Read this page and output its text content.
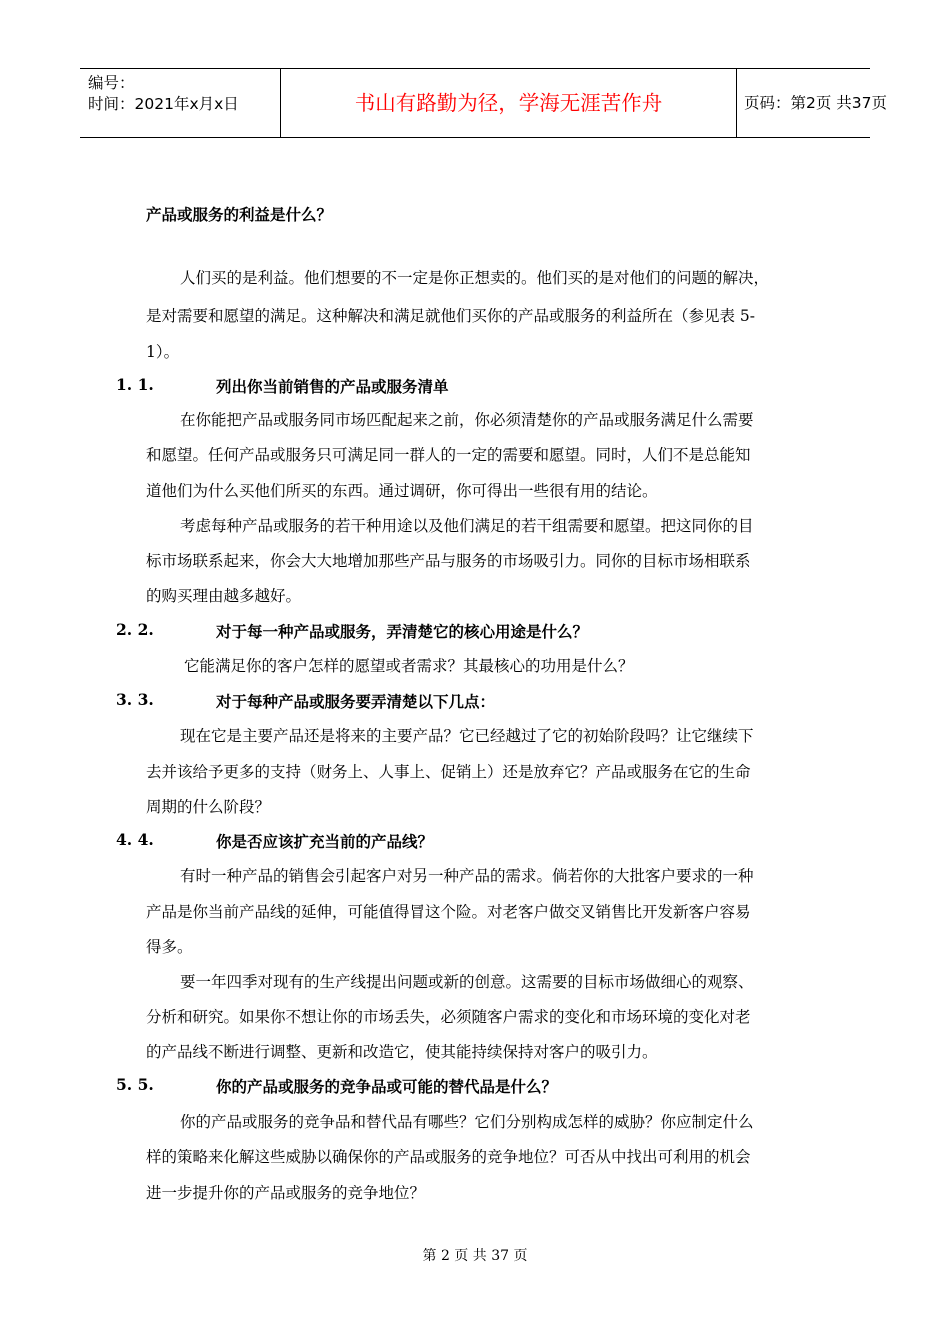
编号：
时间：2021年x月x日	书山有路勤为径，学海无涯苦作舟	页码：第2页 共37页
产品或服务的利益是什么？
人们买的是利益。他们想要的不一定是你正想卖的。他们买的是对他们的问题的解决，
是对需要和愿望的满足。这种解决和满足就他们买你的产品或服务的利益所在（参见表 5-
1）。
1. 1.	列出你当前销售的产品或服务清单
在你能把产品或服务同市场匹配起来之前，你必须清楚你的产品或服务满足什么需要
和愿望。任何产品或服务只可满足同一群人的一定的需要和愿望。同时，人们不是总能知
道他们为什么买他们所买的东西。通过调研，你可得出一些很有用的结论。
考虑每种产品或服务的若干种用途以及他们满足的若干组需要和愿望。把这同你的目
标市场联系起来，你会大大地增加那些产品与服务的市场吸引力。同你的目标市场相联系
的购买理由越多越好。
2. 2.	对于每一种产品或服务，弄清楚它的核心用途是什么？
它能满足你的客户怎样的愿望或者需求？其最核心的功用是什么？
3. 3.	对于每种产品或服务要弄清楚以下几点：
现在它是主要产品还是将来的主要产品？它已经越过了它的初始阶段吗？让它继续下
去并该给予更多的支持（财务上、人事上、促销上）还是放弃它？产品或服务在它的生命
周期的什么阶段？
4. 4.	你是否应该扩充当前的产品线？
有时一种产品的销售会引起客户对另一种产品的需求。倘若你的大批客户要求的一种
产品是你当前产品线的延伸，可能值得冒这个险。对老客户做交叉销售比开发新客户容易
得多。
要一年四季对现有的生产线提出问题或新的创意。这需要的目标市场做细心的观察、
分析和研究。如果你不想让你的市场丢失，必须随客户需求的变化和市场环境的变化对老
的产品线不断进行调整、更新和改造它，使其能持续保持对客户的吸引力。
5. 5.	你的产品或服务的竞争品或可能的替代品是什么？
你的产品或服务的竞争品和替代品有哪些？它们分别构成怎样的威胁？你应制定什么
样的策略来化解这些威胁以确保你的产品或服务的竞争地位？可否从中找出可利用的机会
进一步提升你的产品或服务的竞争地位？
第 2 页 共 37 页
